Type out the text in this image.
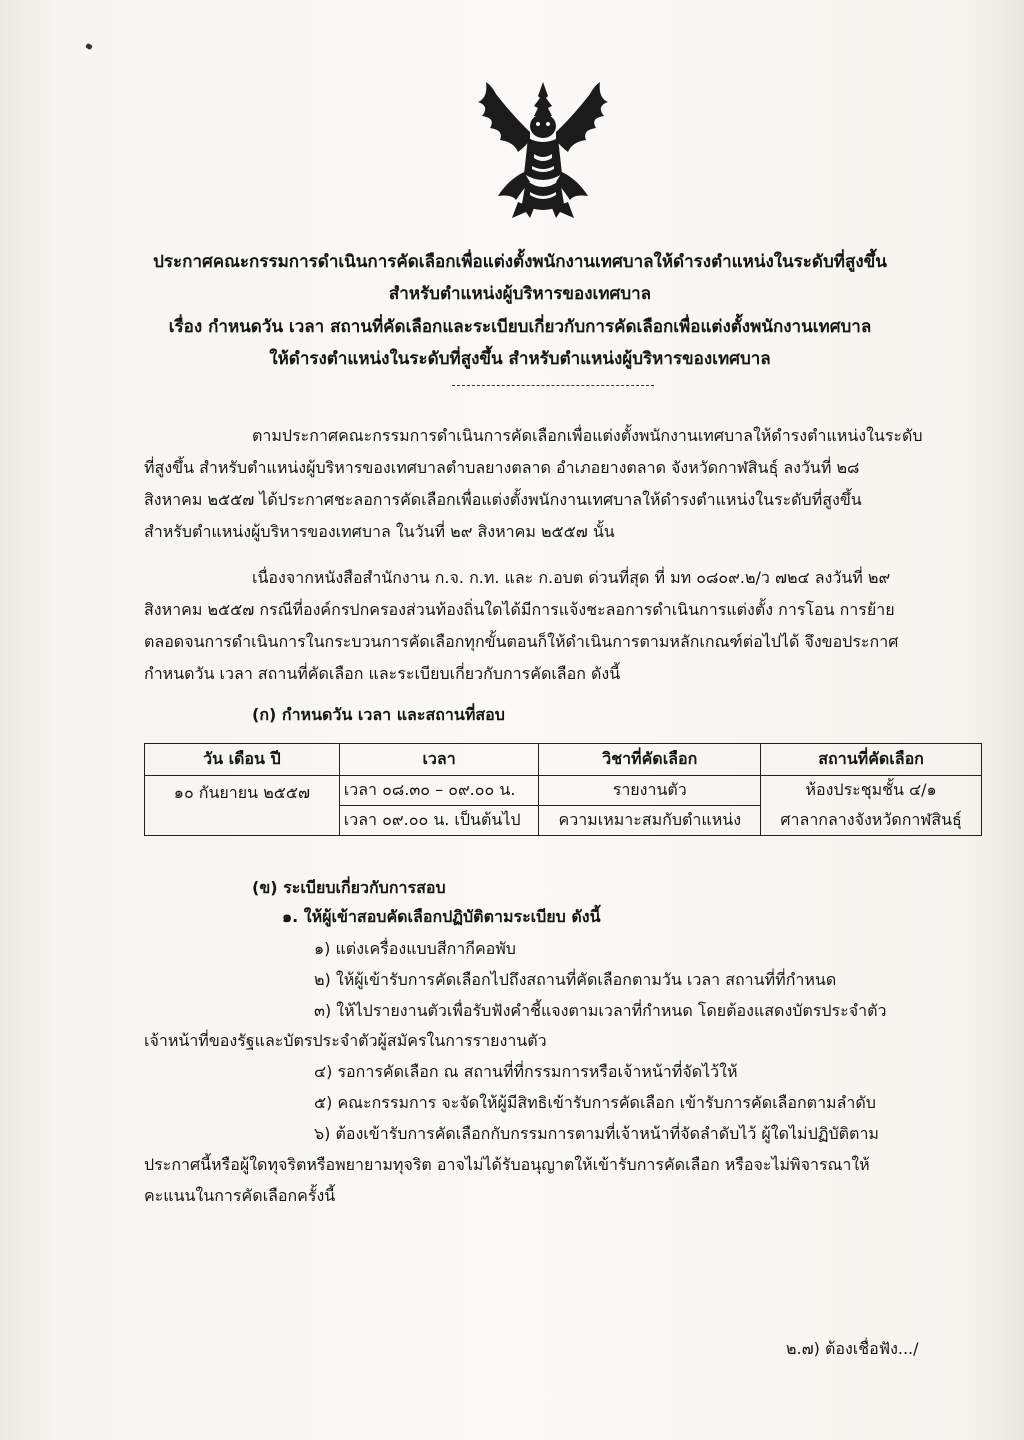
ประกาศคณะกรรมการดำเนินการคัดเลือกเพื่อแต่งตั้งพนักงานเทศบาลให้ดำรงตำแหน่งในระดับที่สูงขึ้น
สำหรับตำแหน่งผู้บริหารของเทศบาล
เรื่อง กำหนดวัน เวลา สถานที่คัดเลือกและระเบียบเกี่ยวกับการคัดเลือกเพื่อแต่งตั้งพนักงานเทศบาล
ให้ดำรงตำแหน่งในระดับที่สูงขึ้น สำหรับตำแหน่งผู้บริหารของเทศบาล
ตามประกาศคณะกรรมการดำเนินการคัดเลือกเพื่อแต่งตั้งพนักงานเทศบาลให้ดำรงตำแหน่งในระดับ
ที่สูงขึ้น สำหรับตำแหน่งผู้บริหารของเทศบาลตำบลยางตลาด อำเภอยางตลาด จังหวัดกาฬสินธุ์ ลงวันที่ ๒๘
สิงหาคม ๒๕๕๗ ได้ประกาศชะลอการคัดเลือกเพื่อแต่งตั้งพนักงานเทศบาลให้ดำรงตำแหน่งในระดับที่สูงขึ้น
สำหรับตำแหน่งผู้บริหารของเทศบาล ในวันที่ ๒๙ สิงหาคม ๒๕๕๗ นั้น
เนื่องจากหนังสือสำนักงาน ก.จ. ก.ท. และ ก.อบต ด่วนที่สุด ที่ มท ๐๘๐๙.๒/ว ๗๒๔ ลงวันที่ ๒๙
สิงหาคม ๒๕๕๗ กรณีที่องค์กรปกครองส่วนท้องถิ่นใดได้มีการแจ้งชะลอการดำเนินการแต่งตั้ง การโอน การย้าย
ตลอดจนการดำเนินการในกระบวนการคัดเลือกทุกขั้นตอนก็ให้ดำเนินการตามหลักเกณฑ์ต่อไปได้ จึงขอประกาศ
กำหนดวัน เวลา สถานที่คัดเลือก และระเบียบเกี่ยวกับการคัดเลือก ดังนี้
(ก) กำหนดวัน เวลา และสถานที่สอบ
วัน เดือน ปี	เวลา	วิชาที่คัดเลือก	สถานที่คัดเลือก
๑๐ กันยายน ๒๕๕๗	เวลา ๐๘.๓๐ – ๐๙.๐๐ น.	รายงานตัว	ห้องประชุมชั้น ๔/๑
	เวลา ๐๙.๐๐ น. เป็นต้นไป	ความเหมาะสมกับตำแหน่ง	ศาลากลางจังหวัดกาฬสินธุ์
(ข) ระเบียบเกี่ยวกับการสอบ
๑. ให้ผู้เข้าสอบคัดเลือกปฏิบัติตามระเบียบ ดังนี้
๑) แต่งเครื่องแบบสีกากีคอพับ
๒) ให้ผู้เข้ารับการคัดเลือกไปถึงสถานที่คัดเลือกตามวัน เวลา สถานที่ที่กำหนด
๓) ให้ไปรายงานตัวเพื่อรับฟังคำชี้แจงตามเวลาที่กำหนด โดยต้องแสดงบัตรประจำตัว
เจ้าหน้าที่ของรัฐและบัตรประจำตัวผู้สมัครในการรายงานตัว
๔) รอการคัดเลือก ณ สถานที่ที่กรรมการหรือเจ้าหน้าที่จัดไว้ให้
๕) คณะกรรมการ จะจัดให้ผู้มีสิทธิเข้ารับการคัดเลือก เข้ารับการคัดเลือกตามลำดับ
๖) ต้องเข้ารับการคัดเลือกกับกรรมการตามที่เจ้าหน้าที่จัดลำดับไว้ ผู้ใดไม่ปฏิบัติตาม
ประกาศนี้หรือผู้ใดทุจริตหรือพยายามทุจริต อาจไม่ได้รับอนุญาตให้เข้ารับการคัดเลือก หรือจะไม่พิจารณาให้
คะแนนในการคัดเลือกครั้งนี้
๒.๗) ต้องเชื่อฟัง.../
